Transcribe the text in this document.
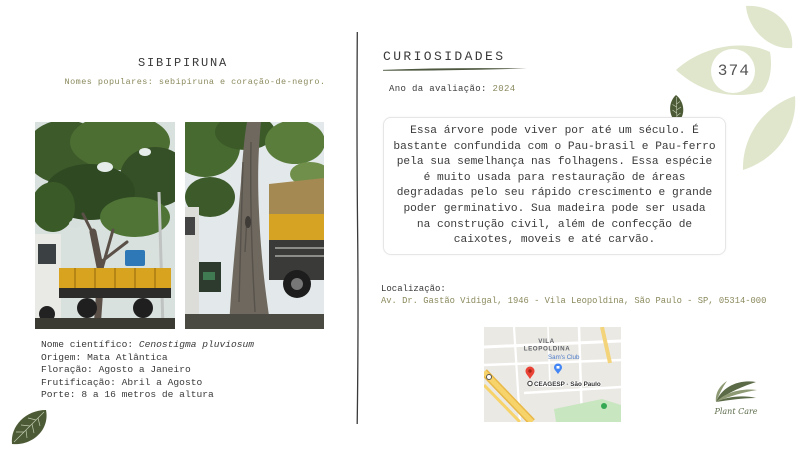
374
SIBIPIRUNA

Nomes populares: sebipiruna e coração-de-negro.

Nome científico: Cenostigma pluviosum
Origem: Mata Atlântica
Floração: Agosto a Janeiro
Frutificação: Abril a Agosto
Porte: 8 a 16 metros de altura
CURIOSIDADES

Ano da avaliação: 2024

Essa árvore pode viver por até um século. É
bastante confundida com o Pau-brasil e Pau-ferro
pela sua semelhança nas folhagens. Essa espécie
é muito usada para restauração de áreas
degradadas pelo seu rápido crescimento e grande
poder germinativo. Sua madeira pode ser usada
na construção civil, além de confecção de
caixotes, moveis e até carvão.

Localização:

Av. Dr. Gastão Vidigal, 1946 - Vila Leopoldina, São Paulo - SP, 05314-000

VILA
LEOPOLDINA
Sam's Club
CEAGESP - São Paulo
Plant Care
